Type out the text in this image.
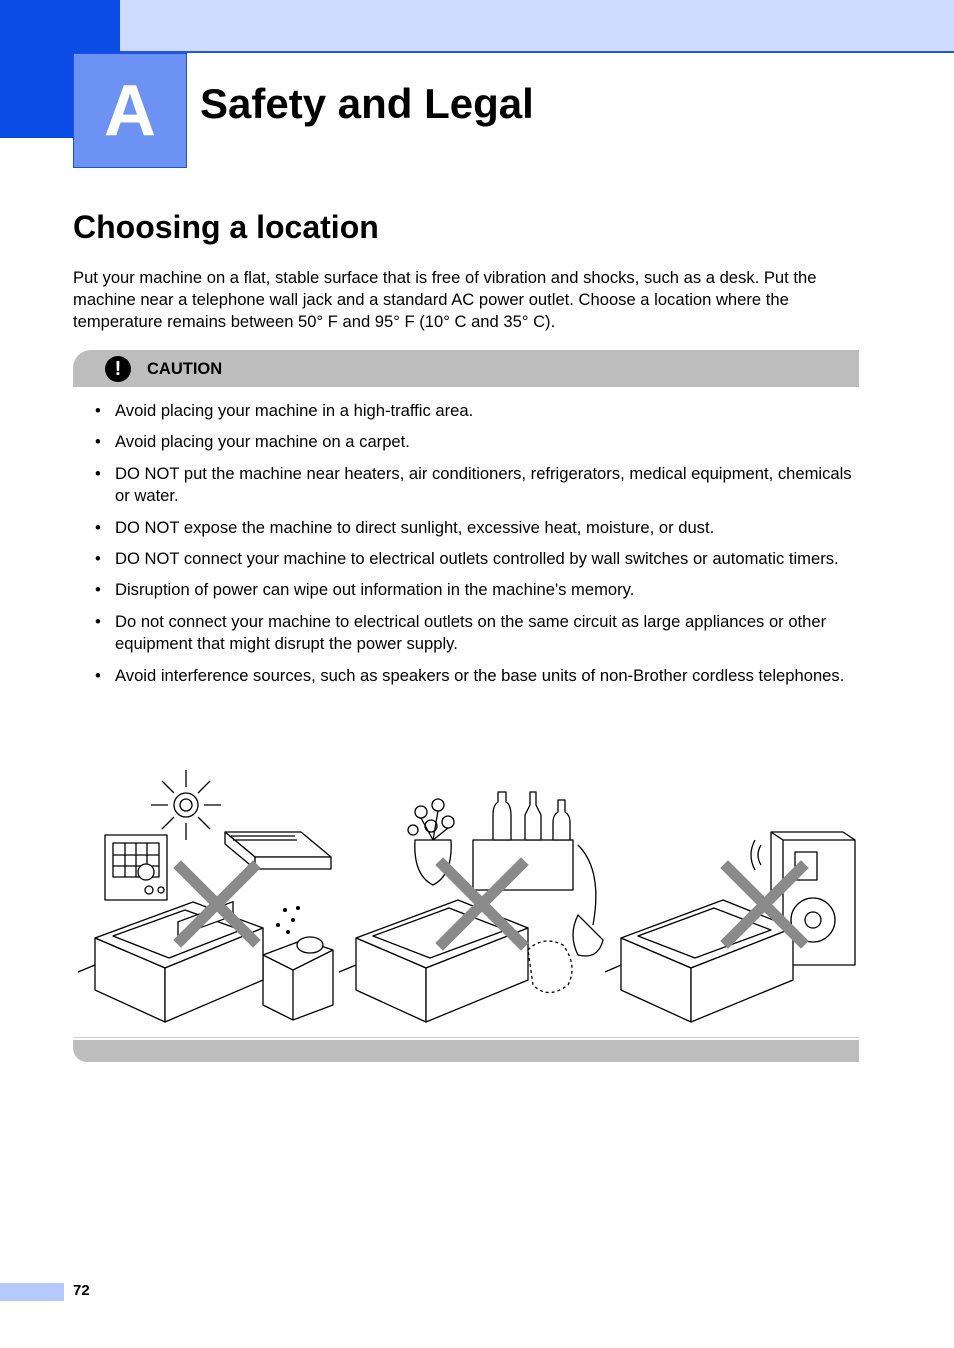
A	Safety and Legal
Choosing a location

Put your machine on a flat, stable surface that is free of vibration and shocks, such as a desk. Put the machine near a telephone wall jack and a standard AC power outlet. Choose a location where the temperature remains between 50° F and 95° F (10° C and 35° C).

!	CAUTION
• Avoid placing your machine in a high-traffic area.
• Avoid placing your machine on a carpet.
• DO NOT put the machine near heaters, air conditioners, refrigerators, medical equipment, chemicals or water.
• DO NOT expose the machine to direct sunlight, excessive heat, moisture, or dust.
• DO NOT connect your machine to electrical outlets controlled by wall switches or automatic timers.
• Disruption of power can wipe out information in the machine's memory.
• Do not connect your machine to electrical outlets on the same circuit as large appliances or other equipment that might disrupt the power supply.
• Avoid interference sources, such as speakers or the base units of non-Brother cordless telephones.
72
